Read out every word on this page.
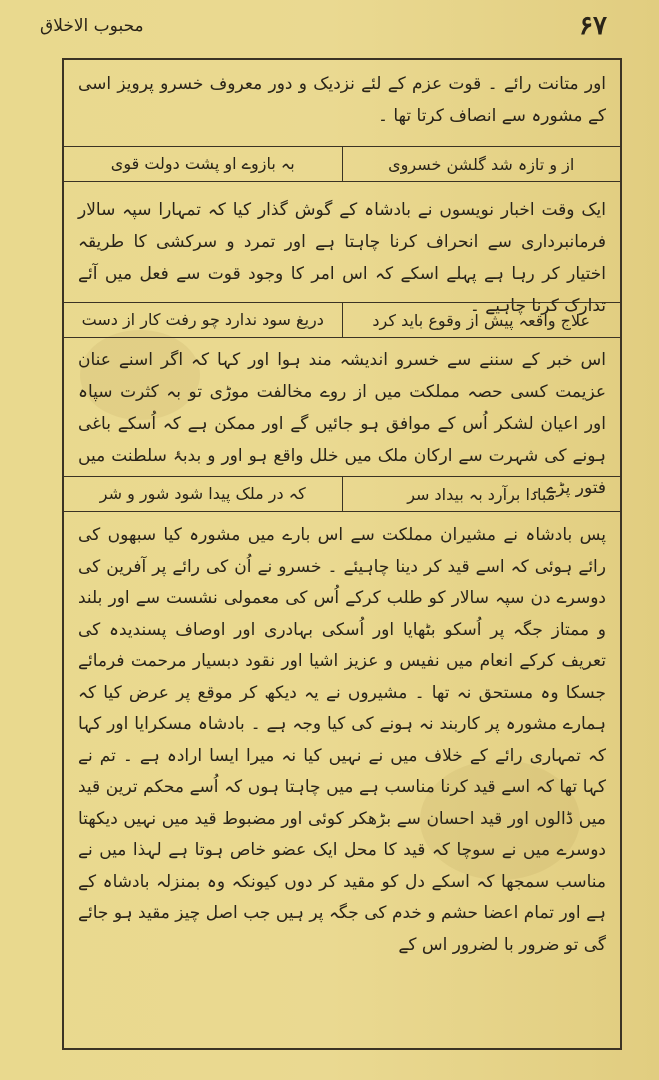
محبوب الاخلاق	۶۷

اور متانت رائے ۔ قوت عزم کے لئے نزدیک و دور معروف خسرو پرویز اسی کے مشورہ سے انصاف کرتا تھا ۔

از و تازہ شد گلشن خسروی
بہ بازوے او پشت دولت قوی

ایک وقت اخبار نویسوں نے بادشاہ کے گوش گذار کیا کہ تمہارا سپہ سالار فرمانبرداری سے انحراف کرنا چاہتا ہے اور تمرد و سرکشی کا طریقہ اختیار کر رہا ہے پہلے اسکے کہ اس امر کا وجود قوت سے فعل میں آئے تدارک کرنا چاہیے ۔

علاج واقعہ پیش از وقوع باید کرد
دریغ سود ندارد چو رفت کار از دست

اس خبر کے سننے سے خسرو اندیشہ مند ہوا اور کہا کہ اگر اسنے عنان عزیمت کسی حصہ مملکت میں از روے مخالفت موڑی تو بہ کثرت سپاہ اور اعیان لشکر اُس کے موافق ہو جائیں گے اور ممکن ہے کہ اُسکے باغی ہونے کی شہرت سے ارکان ملک میں خلل واقع ہو اور و بدبۂ سلطنت میں فتور پڑے ۔

مبادا برآرد بہ بیداد سر
کہ در ملک پیدا شود شور و شر

پس بادشاہ نے مشیران مملکت سے اس بارے میں مشورہ کیا سبھوں کی رائے ہوئی کہ اسے قید کر دینا چاہیئے ۔ خسرو نے اُن کی رائے پر آفرین کی دوسرے دن سپہ سالار کو طلب کرکے اُس کی معمولی نشست سے اور بلند و ممتاز جگہ پر اُسکو بٹھایا اور اُسکی بہادری اور اوصاف پسندیدہ کی تعریف کرکے انعام میں نفیس و عزیز اشیا اور نقود دبسیار مرحمت فرمائے جسکا وہ مستحق نہ تھا ۔ مشیروں نے یہ دیکھ کر موقع پر عرض کیا کہ ہمارے مشورہ پر کاربند نہ ہونے کی کیا وجہ ہے ۔ بادشاہ مسکرایا اور کہا کہ تمہاری رائے کے خلاف میں نے نہیں کیا نہ میرا ایسا ارادہ ہے ۔ تم نے کہا تھا کہ اسے قید کرنا مناسب ہے میں چاہتا ہوں کہ اُسے محکم ترین قید میں ڈالوں اور قید احسان سے بڑھکر کوئی اور مضبوط قید میں نہیں دیکھتا دوسرے میں نے سوچا کہ قید کا محل ایک عضو خاص ہوتا ہے لہذا میں نے مناسب سمجھا کہ اسکے دل کو مقید کر دوں کیونکہ وہ بمنزلہ بادشاہ کے ہے اور تمام اعضا حشم و خدم کی جگہ پر ہیں جب اصل چیز مقید ہو جائے گی تو ضرور با لضرور اس کے
